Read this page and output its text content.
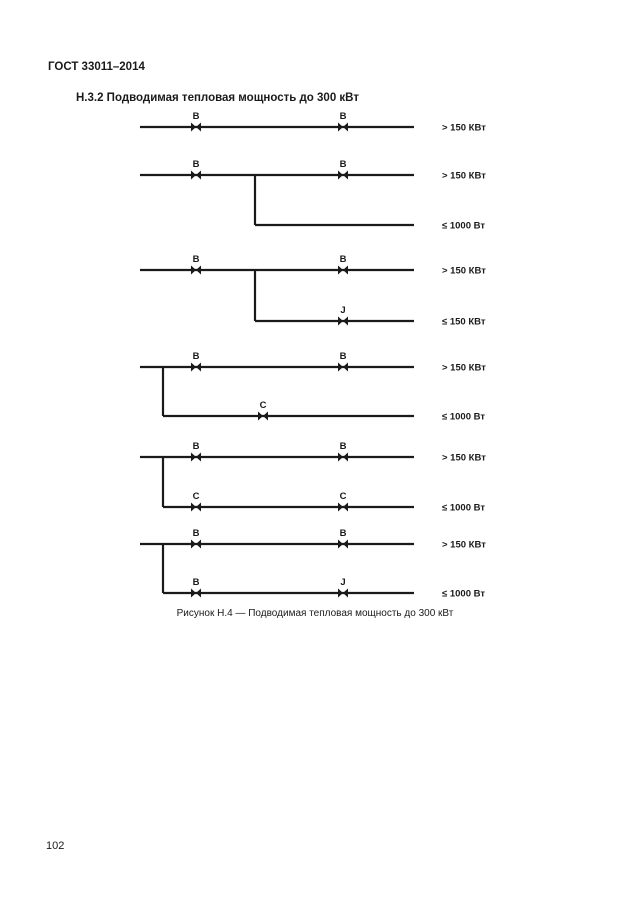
ГОСТ 33011–2014
Н.3.2 Подводимая тепловая мощность до 300 кВт
B	B
> 150 КВт
B	B
> 150 КВт
≤ 1000 Вт
B	B
> 150 КВт
J
≤ 150 КВт
B	B
> 150 КВт
C
≤ 1000 Вт
B	B
> 150 КВт
C	C
≤ 1000 Вт
B	B
> 150 КВт
B	J
≤ 1000 Вт
Рисунок Н.4 — Подводимая тепловая мощность до 300 кВт
102
